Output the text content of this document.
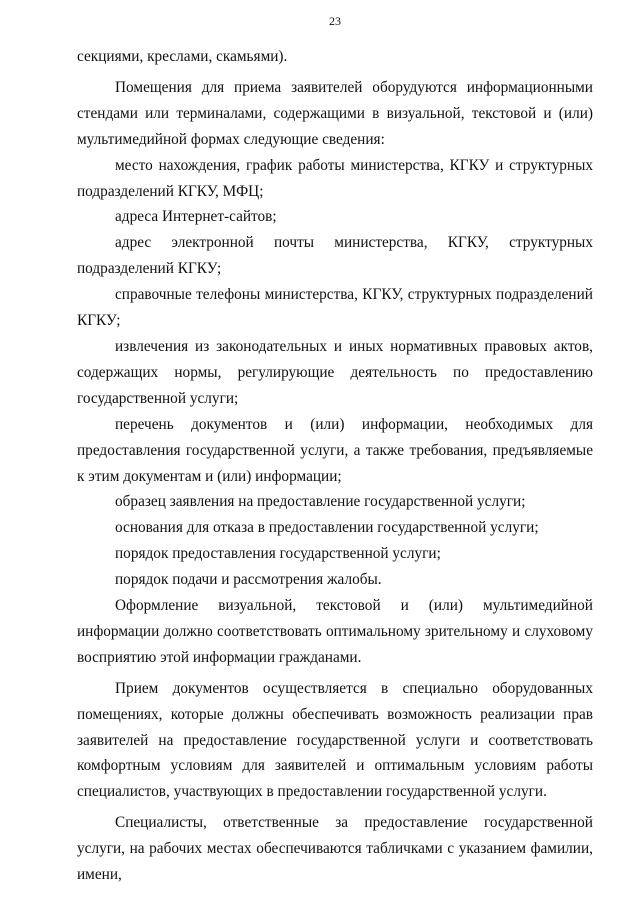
23

секциями, креслами, скамьями).

Помещения для приема заявителей оборудуются информационными стендами или терминалами, содержащими в визуальной, текстовой и (или) мультимедийной формах следующие сведения:

место нахождения, график работы министерства, КГКУ и структурных подразделений КГКУ, МФЦ;

адреса Интернет-сайтов;

адрес электронной почты министерства, КГКУ, структурных подразделений КГКУ;

справочные телефоны министерства, КГКУ, структурных подразделений КГКУ;

извлечения из законодательных и иных нормативных правовых актов, содержащих нормы, регулирующие деятельность по предоставлению государственной услуги;

перечень документов и (или) информации, необходимых для предоставления государственной услуги, а также требования, предъявляемые к этим документам и (или) информации;

образец заявления на предоставление государственной услуги;

основания для отказа в предоставлении государственной услуги;

порядок предоставления государственной услуги;

порядок подачи и рассмотрения жалобы.

Оформление визуальной, текстовой и (или) мультимедийной информации должно соответствовать оптимальному зрительному и слуховому восприятию этой информации гражданами.

Прием документов осуществляется в специально оборудованных помещениях, которые должны обеспечивать возможность реализации прав заявителей на предоставление государственной услуги и соответствовать комфортным условиям для заявителей и оптимальным условиям работы специалистов, участвующих в предоставлении государственной услуги.

Специалисты, ответственные за предоставление государственной услуги, на рабочих местах обеспечиваются табличками с указанием фамилии, имени,
